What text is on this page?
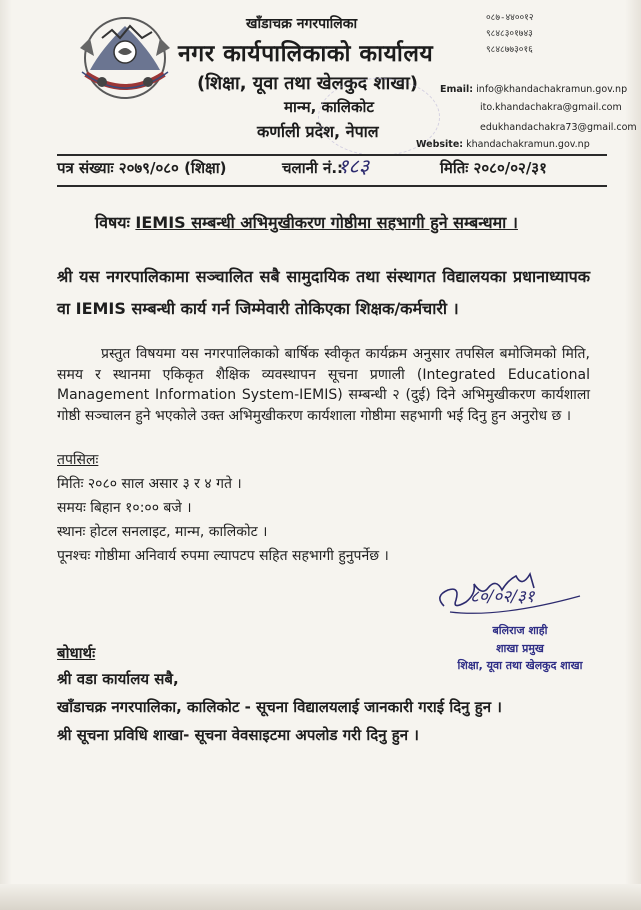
खाँडाचक्र नगरपालिका
नगर कार्यपालिकाको कार्यालय
(शिक्षा, यूवा तथा खेलकुद शाखा)
मान्म, कालिकोट
कर्णाली प्रदेश, नेपाल
०८७-४४००१२
९८४८३०१७४३
९८४८७७३०१६
Email: info@khandachakramun.gov.np
ito.khandachakra@gmail.com
edukhandachakra73@gmail.com
Website: khandachakramun.gov.np
पत्र संख्याः २०७९/०८० (शिक्षा)	चलानी नं.:
१८३	मितिः २०८०/०२/३१
विषयः IEMIS सम्बन्धी अभिमुखीकरण गोष्ठीमा सहभागी हुने सम्बन्धमा ।
श्री यस नगरपालिकामा सञ्चालित सबै सामुदायिक तथा संस्थागत विद्यालयका प्रधानाध्यापक वा IEMIS सम्बन्धी कार्य गर्न जिम्मेवारी तोकिएका शिक्षक/कर्मचारी ।
प्रस्तुत विषयमा यस नगरपालिकाको बार्षिक स्वीकृत कार्यक्रम अनुसार तपसिल बमोजिमको मिति, समय र स्थानमा एकिकृत शैक्षिक व्यवस्थापन सूचना प्रणाली (Integrated Educational Management Information System-IEMIS) सम्बन्धी २ (दुई) दिने अभिमुखीकरण कार्यशाला गोष्ठी सञ्चालन हुने भएकोले उक्त अभिमुखीकरण कार्यशाला गोष्ठीमा सहभागी भई दिनु हुन अनुरोध छ ।
तपसिलः
मितिः २०८० साल असार ३ र ४ गते ।
समयः बिहान १०:०० बजे ।
स्थानः होटल सनलाइट, मान्म, कालिकोट ।
पूनश्चः गोष्ठीमा अनिवार्य रुपमा ल्यापटप सहित सहभागी हुनुपर्नेछ ।
८०/०२/३१
बलिराज शाही
शाखा प्रमुख
शिक्षा, यूवा तथा खेलकुद शाखा
बोधार्थः
श्री वडा कार्यालय सबै,
खाँडाचक्र नगरपालिका, कालिकोट - सूचना विद्यालयलाई जानकारी गराई दिनु हुन ।
श्री सूचना प्रविधि शाखा- सूचना वेवसाइटमा अपलोड गरी दिनु हुन ।
